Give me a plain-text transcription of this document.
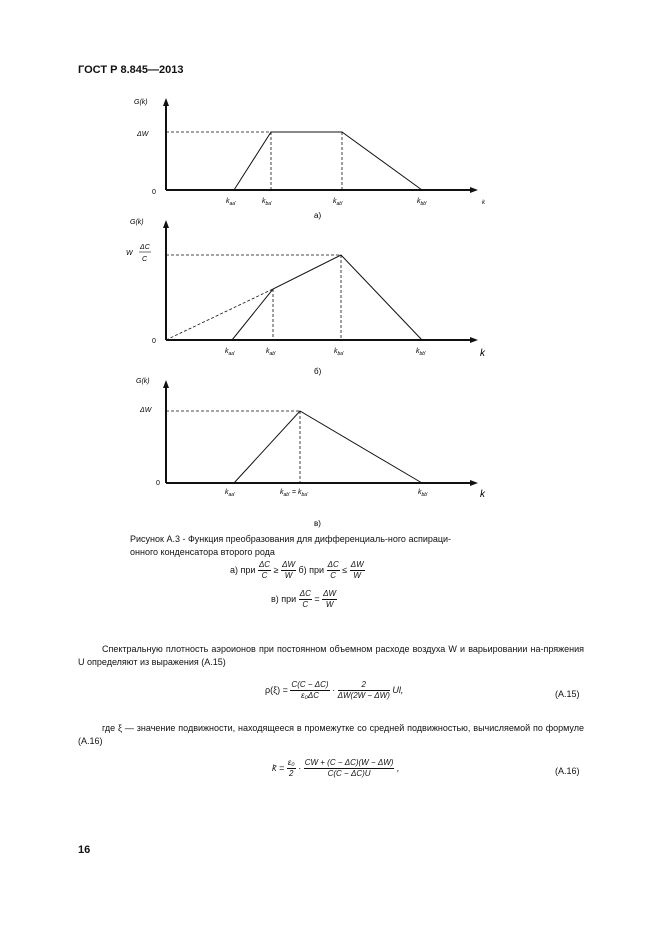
ГОСТ Р 8.845—2013
G(k)
ΔW
0
$k_{aa'}$	$k_{ba'}$	$k_{ab'}$	$k_{bb'}$	k
а)
G(k)
W
ΔC
C
0
$k_{aa'}$	$k_{ab'}$	$k_{ba'}$	$k_{bb'}$	k
б)
G(k)
ΔW
0
$k_{aa'}$	$k_{ab'} = k_{ba'}$	$k_{bb'}$	k
в)
Рисунок А.3 - Функция преобразования для дифференциаль-ного аспираци-
онного конденсатора второго рода
а) при $\frac{\Delta C}{C} \ge \frac{\Delta W}{W} б$) при $\frac{\Delta C}{C} \le \frac{\Delta W}{W}$
в) при $\frac{\Delta C}{C} = \frac{\Delta W}{W}$
Спектральную плотность аэроионов при постоянном объемном расходе воздуха W и варьировании на-пряжения U определяют из выражения (А.15)
$\rho(\xi) = \frac{C(C - \Delta C)}{\text{ε₀ΔC}} \cdot \frac{2}{\Delta W(2W - \Delta W)} Ul$,	(А.15)
где ξ — значение подвижности, находящееся в промежутке со средней подвижностью, вычисляемой по формуле (А.16)
k̄ = $\frac{\text{ε₀}}{2} \cdot \frac{CW + (C - \Delta C)(W - \Delta W)}{C(C - \Delta C)U}$ ,	(А.16)
16
